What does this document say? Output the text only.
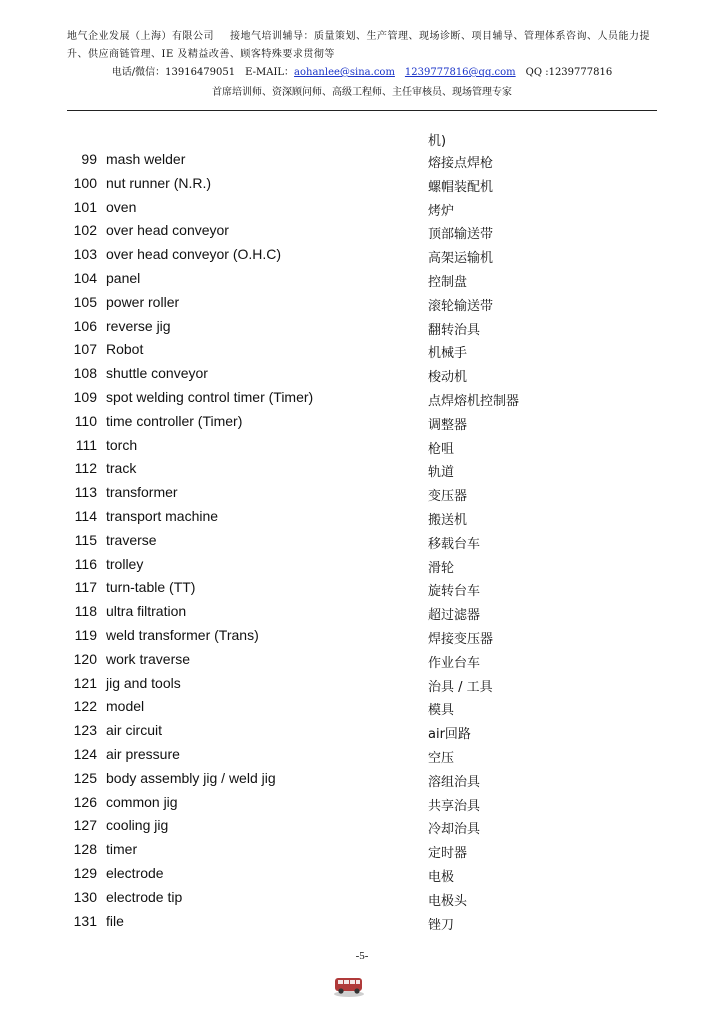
地气企业发展（上海）有限公司 接地气培训辅导：质量策划、生产管理、现场诊断、项目辅导、管理体系咨询、人员能力提升、供应商链管理、IE 及精益改善、顾客特殊要求贯彻等
电话/微信：13916479051 E-MAIL：aohanlee@sina.com 1239777816@qq.com QQ :1239777816
首席培训师、资深顾问师、高级工程师、主任审核员、现场管理专家
机)
99 mash welder	熔接点焊枪
100 nut runner (N.R.)	螺帽装配机
101 oven	烤炉
102 over head conveyor	顶部输送带
103 over head conveyor (O.H.C)	高架运输机
104 panel	控制盘
105 power roller	滚轮输送带
106 reverse jig	翻转治具
107 Robot	机械手
108 shuttle conveyor	梭动机
109 spot welding control timer (Timer)	点焊熔机控制器
110 time controller (Timer)	调整器
111 torch	枪咀
112 track	轨道
113 transformer	变压器
114 transport machine	搬送机
115 traverse	移载台车
116 trolley	滑轮
117 turn-table (TT)	旋转台车
118 ultra filtration	超过滤器
119 weld transformer (Trans)	焊接变压器
120 work traverse	作业台车
121 jig and tools	治具 / 工具
122 model	模具
123 air circuit	air回路
124 air pressure	空压
125 body assembly jig / weld jig	溶组治具
126 common jig	共享治具
127 cooling jig	冷却治具
128 timer	定时器
129 electrode	电极
130 electrode tip	电极头
131 file	锉刀
-5-
